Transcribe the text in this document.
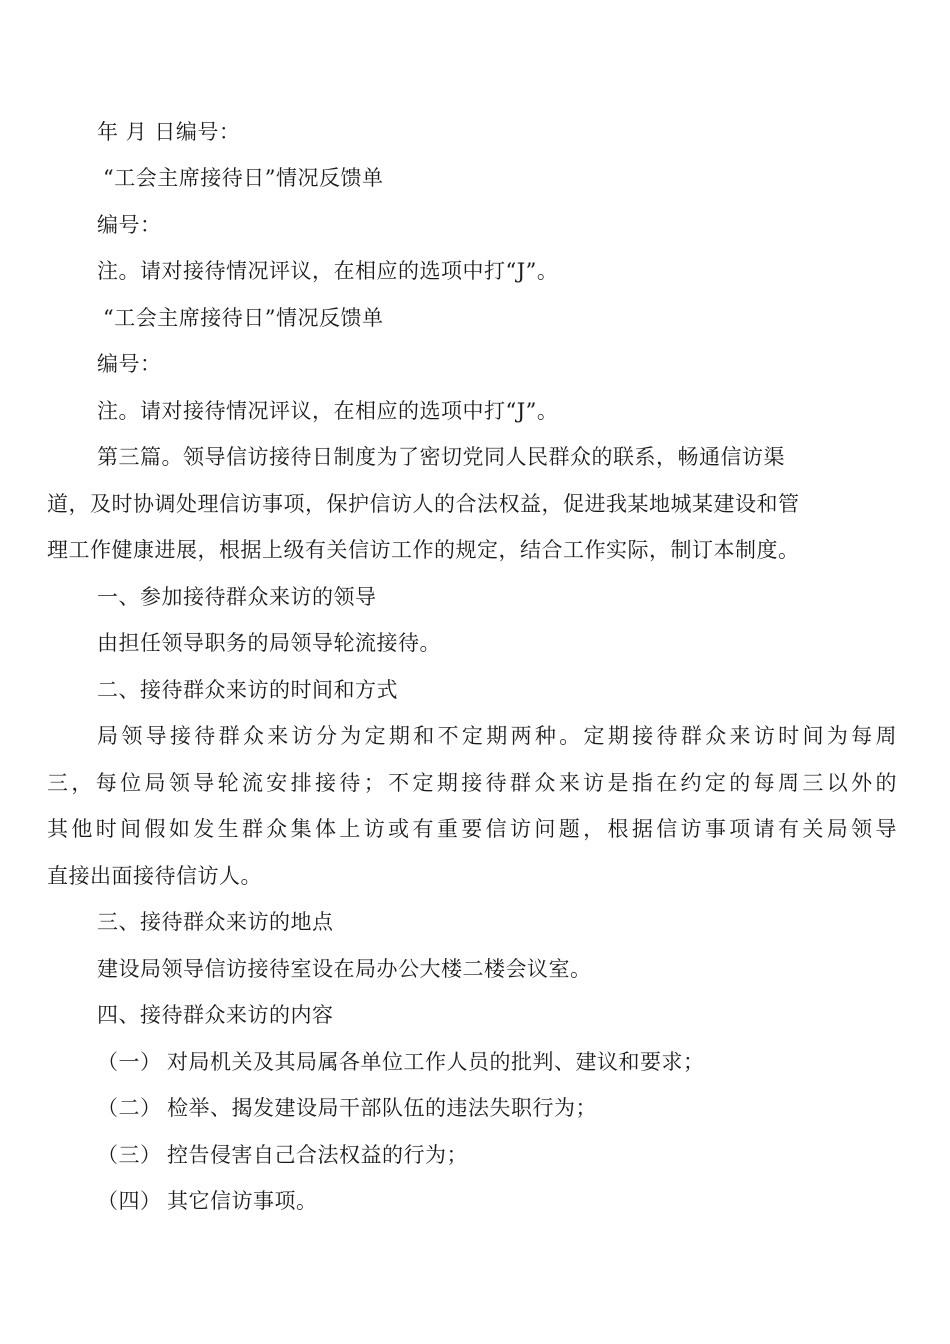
年 月 日编号：
“工会主席接待日”情况反馈单
编号：
注。请对接待情况评议，在相应的选项中打“J”。
“工会主席接待日”情况反馈单
编号：
注。请对接待情况评议，在相应的选项中打“J”。
第三篇。领导信访接待日制度为了密切党同人民群众的联系，畅通信访渠
道，及时协调处理信访事项，保护信访人的合法权益，促进我某地城某建设和管
理工作健康进展，根据上级有关信访工作的规定，结合工作实际，制订本制度。
一、参加接待群众来访的领导
由担任领导职务的局领导轮流接待。
二、接待群众来访的时间和方式
局领导接待群众来访分为定期和不定期两种。定期接待群众来访时间为每周
三，每位局领导轮流安排接待；不定期接待群众来访是指在约定的每周三以外的
其他时间假如发生群众集体上访或有重要信访问题，根据信访事项请有关局领导
直接出面接待信访人。
三、接待群众来访的地点
建设局领导信访接待室设在局办公大楼二楼会议室。
四、接待群众来访的内容
（一） 对局机关及其局属各单位工作人员的批判、建议和要求；
（二） 检举、揭发建设局干部队伍的违法失职行为；
（三） 控告侵害自己合法权益的行为；
（四） 其它信访事项。
